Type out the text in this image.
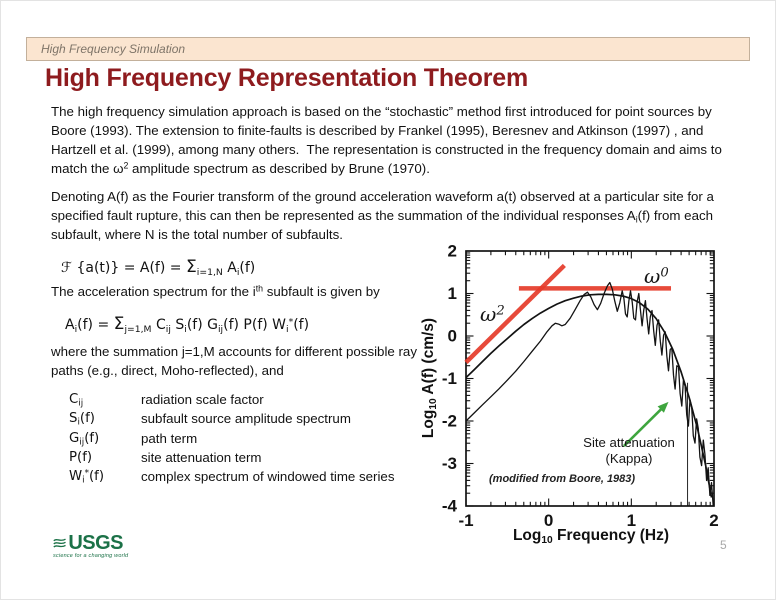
High Frequency Simulation
High Frequency Representation Theorem
The high frequency simulation approach is based on the “stochastic” method first introduced for point sources by Boore (1993). The extension to finite-faults is described by Frankel (1995), Beresnev and Atkinson (1997) , and Hartzell et al. (1999), among many others.  The representation is constructed in the frequency domain and aims to match the $\omega^2$ amplitude spectrum as described by Brune (1970).
Denoting A(f) as the Fourier transform of the ground acceleration waveform a(t) observed at a particular site for a specified fault rupture, this can then be represented as the summation of the individual responses $A_i(f)$ from each subfault, where N is the total number of subfaults.
ℱ $\{a(t)\} = A(f) = \Sigma_{i=1,N}$ $A_i(f)$
The acceleration spectrum for the $i^{th}$ subfault is given by
$A_i(f) = \Sigma_{j=1,M}$ $C_{ij}$ $S_i(f)$ $G_{ij}(f)$ P(f) $W_i^*(f)$
where the summation j=1,M accounts for different possible ray paths (e.g., direct, Moho-reflected), and
$C_{ij}$	radiation scale factor
$S_i(f)$	subfault source amplitude spectrum
$G_{ij}(f)$	path term
P(f)	site attenuation term
$W_i^*(f)$	complex spectrum of windowed time series
-1	0	1	2
2
1
0
-1
-2
-3
-4
Log$_{10}$ A(f) (cm/s)
Log$_{10}$ Frequency (Hz)
$\omega^2$
$\omega^0$
Site attenuation
(Kappa)
(modified from Boore, 1983)
USGS
science for a changing world
5
